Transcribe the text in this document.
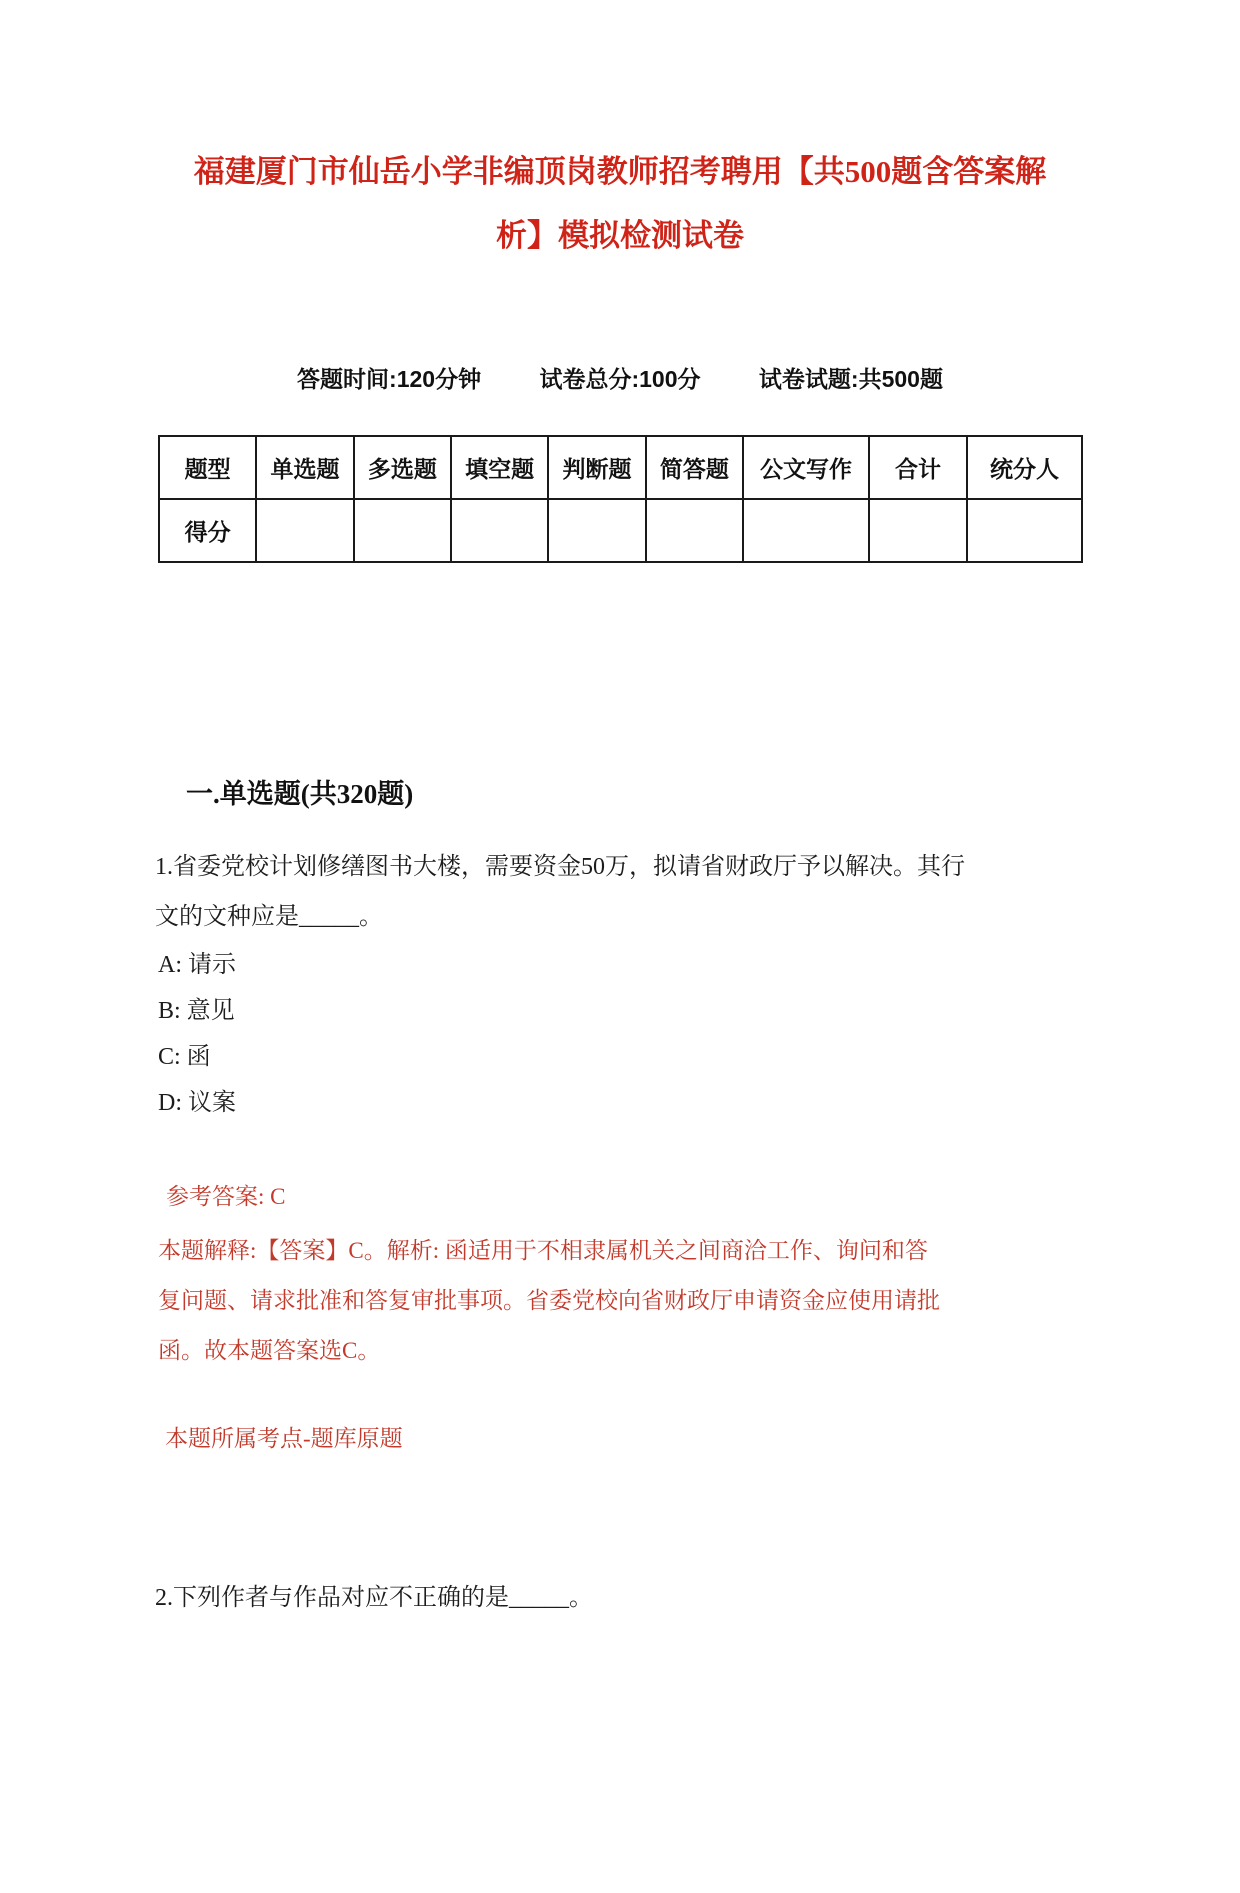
福建厦门市仙岳小学非编顶岗教师招考聘用【共500题含答案解
析】模拟检测试卷
答题时间:120分钟	试卷总分:100分	试卷试题:共500题
题型	单选题	多选题	填空题	判断题	简答题	公文写作	合计	统分人
得分								
一.单选题(共320题)
1.省委党校计划修缮图书大楼，需要资金50万，拟请省财政厅予以解决。其行
文的文种应是_____。
A: 请示
B: 意见
C: 函
D: 议案
参考答案: C
本题解释:【答案】C。解析: 函适用于不相隶属机关之间商洽工作、询问和答
复问题、请求批准和答复审批事项。省委党校向省财政厅申请资金应使用请批
函。故本题答案选C。
本题所属考点-题库原题
2.下列作者与作品对应不正确的是_____。
